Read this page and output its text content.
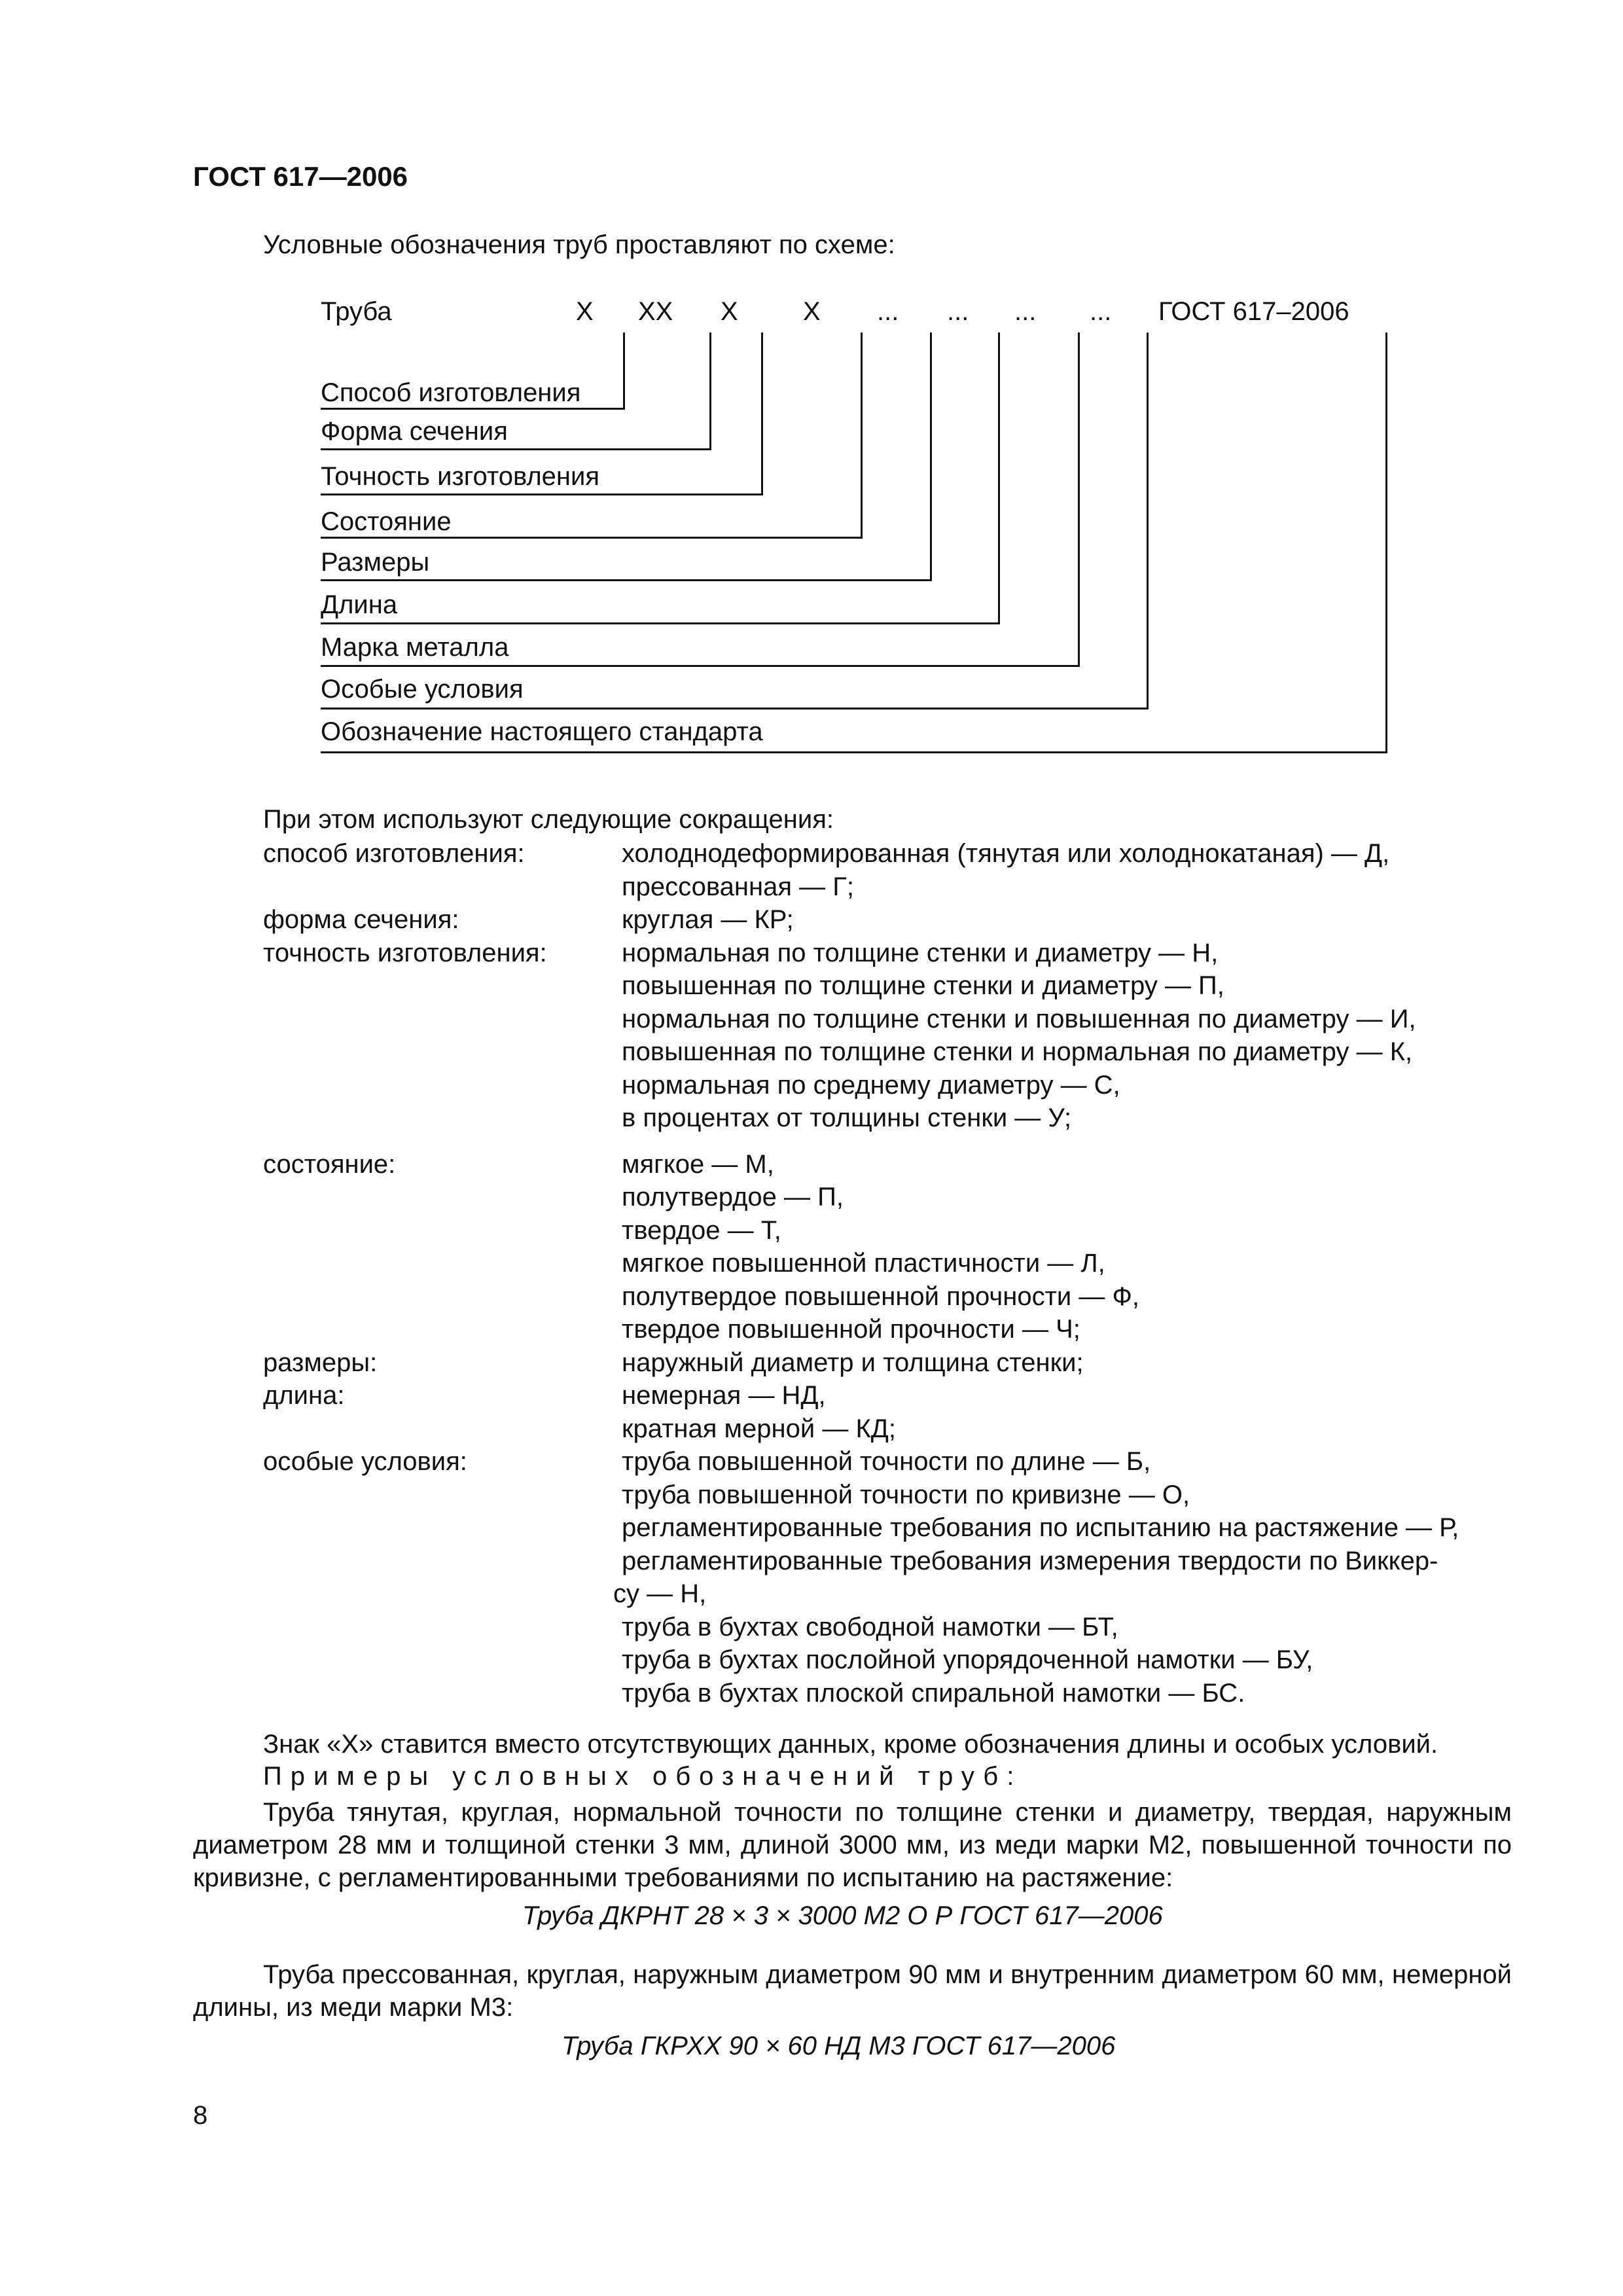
ГОСТ 617—2006
Условные обозначения труб проставляют по схеме:
Труба	Х ХХ Х Х ... ... ... ... ГОСТ 617–2006
Способ изготовления
Форма сечения
Точность изготовления
Состояние
Размеры
Длина
Марка металла
Особые условия
Обозначение настоящего стандарта
При этом используют следующие сокращения:
способ изготовления:	холоднодеформированная (тянутая или холоднокатаная) — Д,
прессованная — Г;
форма сечения:	круглая — КР;
точность изготовления:	нормальная по толщине стенки и диаметру — Н,
повышенная по толщине стенки и диаметру — П,
нормальная по толщине стенки и повышенная по диаметру — И,
повышенная по толщине стенки и нормальная по диаметру — К,
нормальная по среднему диаметру — С,
в процентах от толщины стенки — У;
состояние:	мягкое — М,
полутвердое — П,
твердое — Т,
мягкое повышенной пластичности — Л,
полутвердое повышенной прочности — Ф,
твердое повышенной прочности — Ч;
размеры:	наружный диаметр и толщина стенки;
длина:	немерная — НД,
кратная мерной — КД;
особые условия:	труба повышенной точности по длине — Б,
труба повышенной точности по кривизне — О,
регламентированные требования по испытанию на растяжение — Р,
регламентированные требования измерения твердости по Виккер-
су — Н,
труба в бухтах свободной намотки — БТ,
труба в бухтах послойной упорядоченной намотки — БУ,
труба в бухтах плоской спиральной намотки — БС.
Знак «Х» ставится вместо отсутствующих данных, кроме обозначения длины и особых условий.
Примеры условных обозначений труб:
Труба тянутая, круглая, нормальной точности по толщине стенки и диаметру, твердая, наружным диаметром 28 мм и толщиной стенки 3 мм, длиной 3000 мм, из меди марки М2, повышенной точности по кривизне, с регламентированными требованиями по испытанию на растяжение:
Труба ДКРНТ 28 × 3 × 3000 М2 О Р ГОСТ 617—2006
Труба прессованная, круглая, наружным диаметром 90 мм и внутренним диаметром 60 мм, немерной длины, из меди марки М3:
Труба ГКРХХ 90 × 60 НД М3 ГОСТ 617—2006
8
